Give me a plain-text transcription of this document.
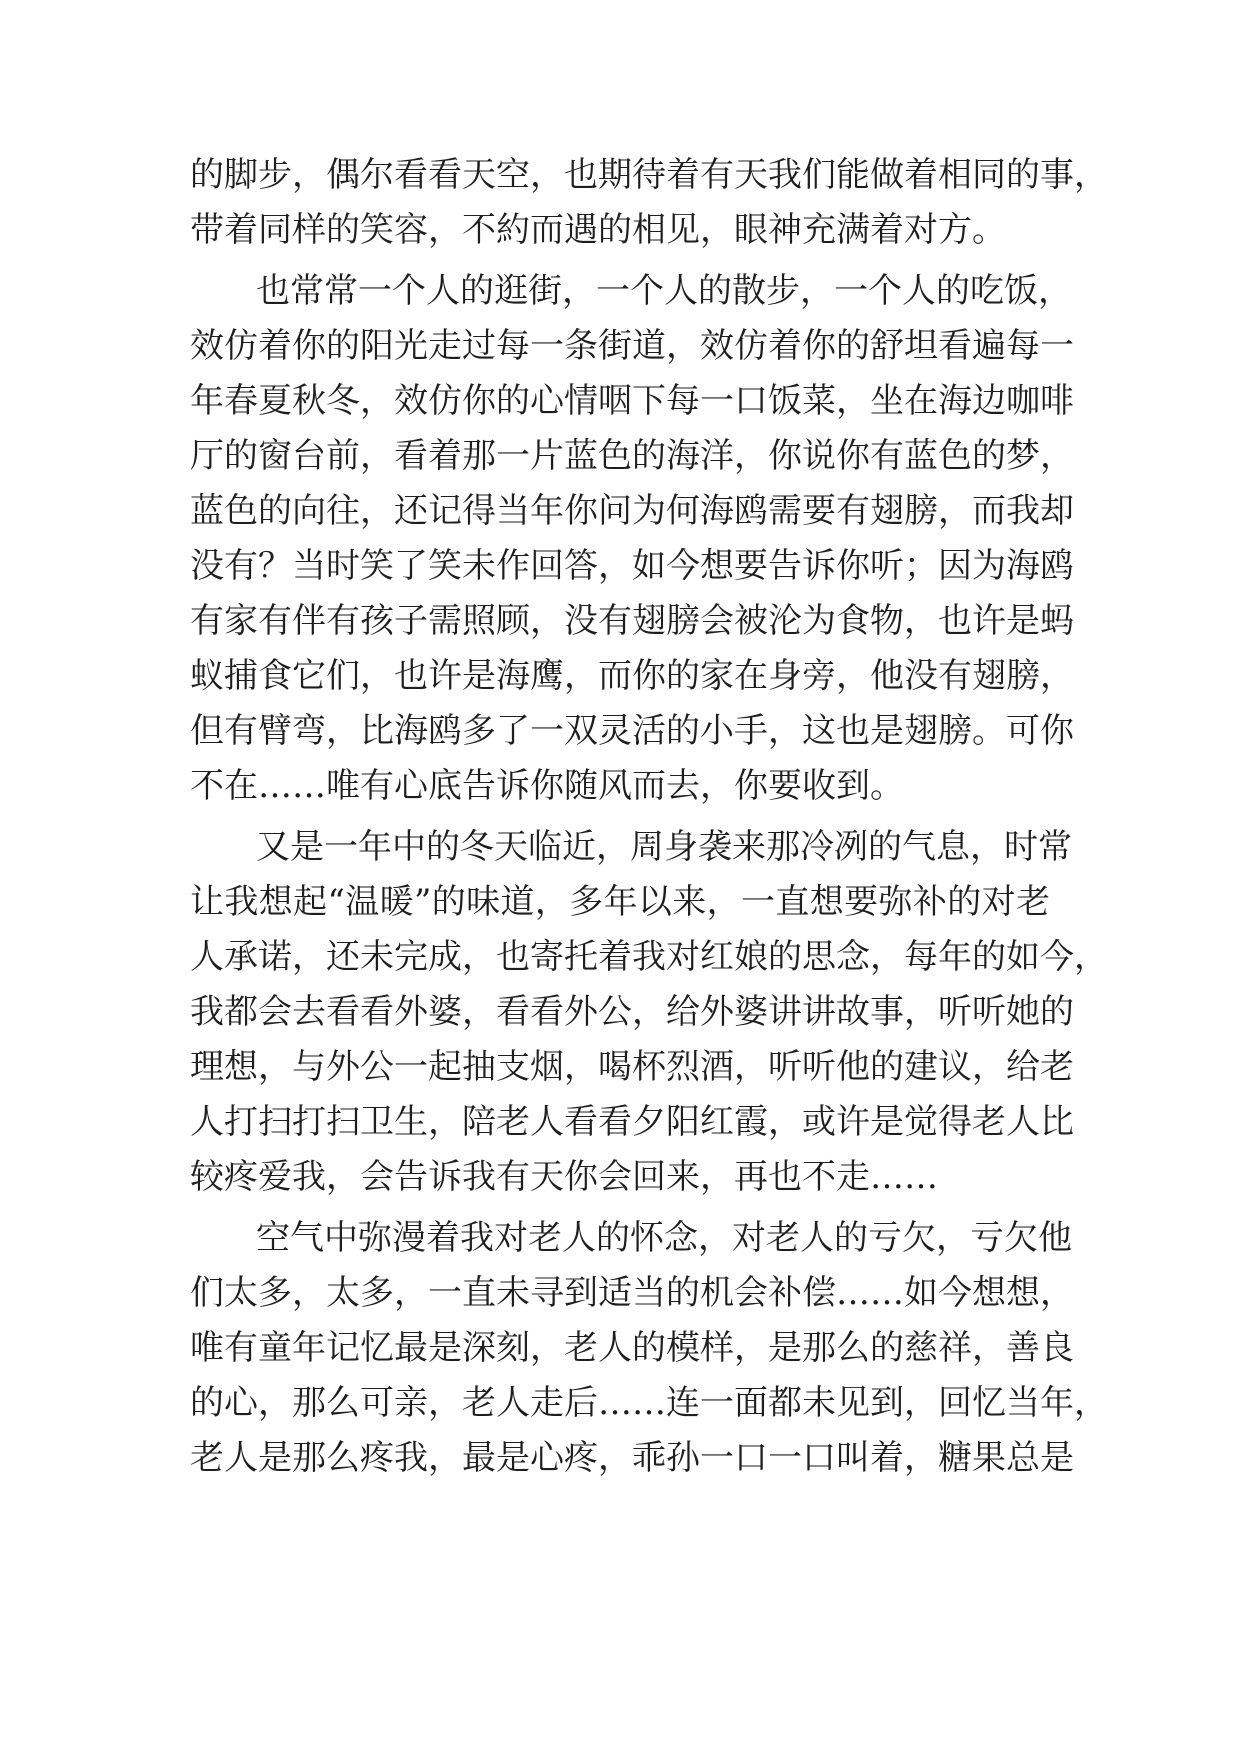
的脚步，偶尔看看天空，也期待着有天我们能做着相同的事，
带着同样的笑容，不約而遇的相见，眼神充满着对方。
也常常一个人的逛街，一个人的散步，一个人的吃饭，
效仿着你的阳光走过每一条街道，效仿着你的舒坦看遍每一
年春夏秋冬，效仿你的心情咽下每一口饭菜，坐在海边咖啡
厅的窗台前，看着那一片蓝色的海洋，你说你有蓝色的梦，
蓝色的向往，还记得当年你问为何海鸥需要有翅膀，而我却
没有？当时笑了笑未作回答，如今想要告诉你听；因为海鸥
有家有伴有孩子需照顾，没有翅膀会被沦为食物，也许是蚂
蚁捕食它们，也许是海鹰，而你的家在身旁，他没有翅膀，
但有臂弯，比海鸥多了一双灵活的小手，这也是翅膀。可你
不在……唯有心底告诉你随风而去，你要收到。
又是一年中的冬天临近，周身袭来那冷冽的气息，时常
让我想起“温暖”的味道，多年以来，一直想要弥补的对老
人承诺，还未完成，也寄托着我对红娘的思念，每年的如今，
我都会去看看外婆，看看外公，给外婆讲讲故事，听听她的
理想，与外公一起抽支烟，喝杯烈酒，听听他的建议，给老
人打扫打扫卫生，陪老人看看夕阳红霞，或许是觉得老人比
较疼爱我，会告诉我有天你会回来，再也不走……
空气中弥漫着我对老人的怀念，对老人的亏欠，亏欠他
们太多，太多，一直未寻到适当的机会补偿……如今想想，
唯有童年记忆最是深刻，老人的模样，是那么的慈祥，善良
的心，那么可亲，老人走后……连一面都未见到，回忆当年，
老人是那么疼我，最是心疼，乖孙一口一口叫着，糖果总是
